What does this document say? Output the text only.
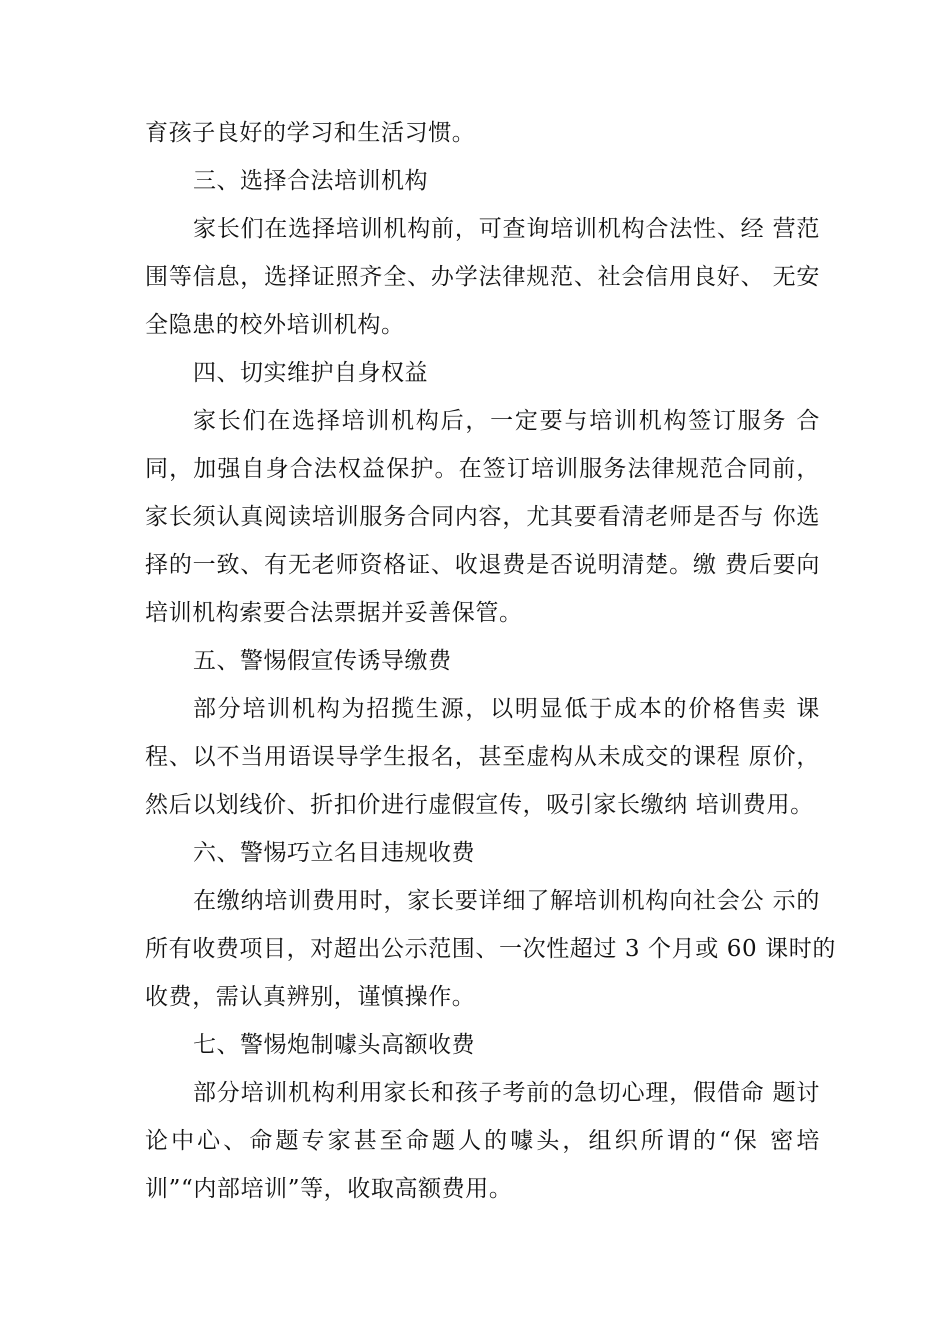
育孩子良好的学习和生活习惯。
三、选择合法培训机构
家长们在选择培训机构前，可查询培训机构合法性、经 营范
围等信息，选择证照齐全、办学法律规范、社会信用良好、 无安
全隐患的校外培训机构。
四、切实维护自身权益
家长们在选择培训机构后，一定要与培训机构签订服务 合
同，加强自身合法权益保护。在签订培训服务法律规范合同前，
家长须认真阅读培训服务合同内容，尤其要看清老师是否与 你选
择的一致、有无老师资格证、收退费是否说明清楚。缴 费后要向
培训机构索要合法票据并妥善保管。
五、警惕假宣传诱导缴费
部分培训机构为招揽生源，以明显低于成本的价格售卖 课
程、以不当用语误导学生报名，甚至虚构从未成交的课程 原价，
然后以划线价、折扣价进行虚假宣传，吸引家长缴纳 培训费用。
六、警惕巧立名目违规收费
在缴纳培训费用时，家长要详细了解培训机构向社会公 示的
所有收费项目，对超出公示范围、一次性超过 3 个月或 60 课时的
收费，需认真辨别，谨慎操作。
七、警惕炮制噱头高额收费
部分培训机构利用家长和孩子考前的急切心理，假借命 题讨
论中心、命题专家甚至命题人的噱头，组织所谓的“保 密培
训”“内部培训”等，收取高额费用。
